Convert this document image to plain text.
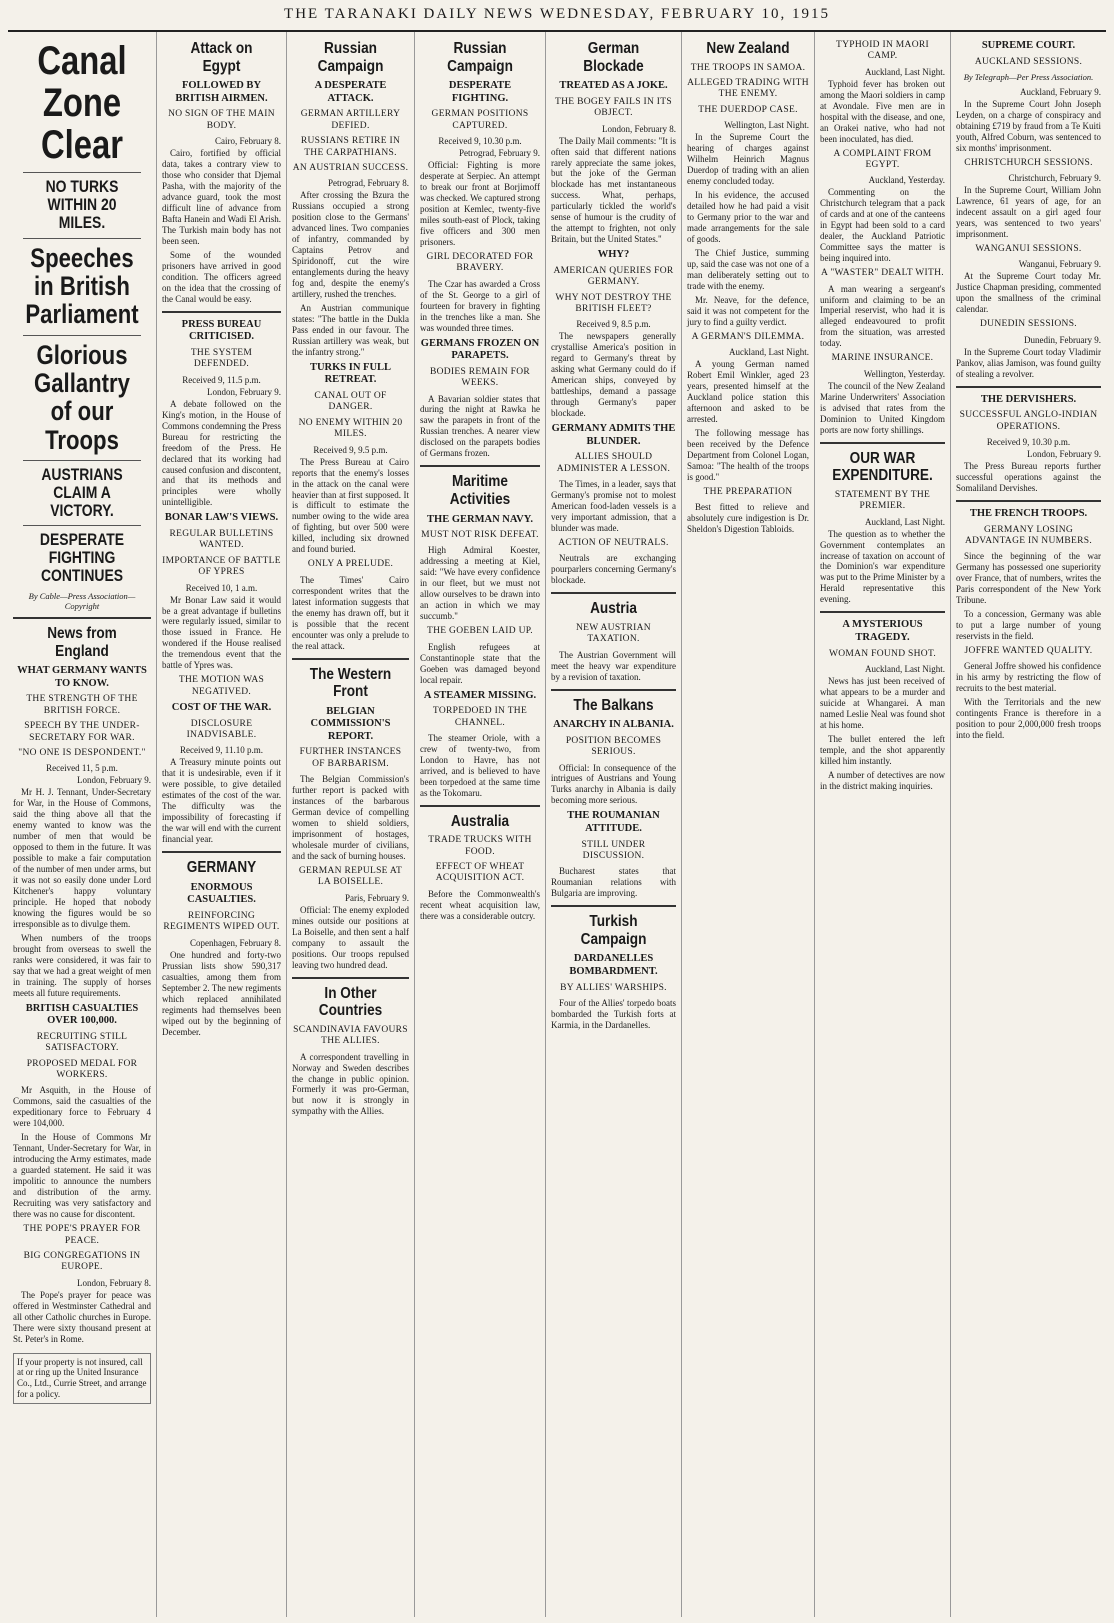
THE TARANAKI DAILY NEWS WEDNESDAY, FEBRUARY 10, 1915
Canal Zone Clear
NO TURKS WITHIN 20 MILES.
Speeches in British Parliament
Glorious Gallantry of our Troops
AUSTRIANS CLAIM A VICTORY.
DESPERATE FIGHTING CONTINUES
By Cable—Press Association—Copyright
News from England
WHAT GERMANY WANTS TO KNOW.
THE STRENGTH OF THE BRITISH FORCE.
SPEECH BY THE UNDER-SECRETARY FOR WAR.
"NO ONE IS DESPONDENT."
Received 11, 5 p.m.
London, February 9.

Mr H. J. Tennant, Under-Secretary for War, in the House of Commons, said the thing above all that the enemy wanted to know was the number of men that would be opposed to them in the future. It was possible to make a fair computation of the number of men under arms, but it was not so easily done under Lord Kitchener's happy voluntary principle. He hoped that nobody knowing the figures would be so irresponsible as to divulge them.

When numbers of the troops brought from overseas to swell the ranks were considered, it was fair to say that we had a great weight of men in training. The supply of horses meets all future requirements.

BRITISH CASUALTIES OVER 100,000.
RECRUITING STILL SATISFACTORY.
PROPOSED MEDAL FOR WORKERS.

Mr Asquith, in the House of Commons, said the casualties of the expeditionary force to February 4 were 104,000.

In the House of Commons Mr Tennant, Under-Secretary for War, in introducing the Army estimates, made a guarded statement. He said it was impolitic to announce the numbers and distribution of the army. Recruiting was very satisfactory and there was no cause for discontent.

THE POPE'S PRAYER FOR PEACE.
BIG CONGREGATIONS IN EUROPE.
London, February 8.

The Pope's prayer for peace was offered in Westminster Cathedral and all other Catholic churches in Europe. There were sixty thousand present at St. Peter's in Rome.

If your property is not insured, call at or ring up the United Insurance Co., Ltd., Currie Street, and arrange for a policy.
Attack on Egypt
FOLLOWED BY BRITISH AIRMEN.
NO SIGN OF THE MAIN BODY.
Cairo, February 8.

Cairo, fortified by official data, takes a contrary view to those who consider that Djemal Pasha, with the majority of the advance guard, took the most difficult line of advance from Bafta Hanein and Wadi El Arish. The Turkish main body has not been seen.

Some of the wounded prisoners have arrived in good condition. The officers agreed on the idea that the crossing of the Canal would be easy.

PRESS BUREAU CRITICISED.
THE SYSTEM DEFENDED.
Received 9, 11.5 p.m.
London, February 9.

A debate followed on the King's motion, in the House of Commons condemning the Press Bureau for restricting the freedom of the Press. He declared that its working had caused confusion and discontent, and that its methods and principles were wholly unintelligible.

BONAR LAW'S VIEWS.
REGULAR BULLETINS WANTED.
IMPORTANCE OF BATTLE OF YPRES
Received 10, 1 a.m.

Mr Bonar Law said it would be a great advantage if bulletins were regularly issued, similar to those issued in France. He wondered if the House realised the tremendous event that the battle of Ypres was.

THE MOTION WAS NEGATIVED.
COST OF THE WAR.
DISCLOSURE INADVISABLE.
Received 9, 11.10 p.m.

A Treasury minute points out that it is undesirable, even if it were possible, to give detailed estimates of the cost of the war. The difficulty was the impossibility of forecasting if the war will end with the current financial year.

GERMANY
ENORMOUS CASUALTIES.
REINFORCING REGIMENTS WIPED OUT.
Copenhagen, February 8.

One hundred and forty-two Prussian lists show 590,317 casualties, among them from September 2. The new regiments which replaced annihilated regiments had themselves been wiped out by the beginning of December.

Russian Campaign
A DESPERATE ATTACK.
GERMAN ARTILLERY DEFIED.
RUSSIANS RETIRE IN THE CARPATHIANS.
AN AUSTRIAN SUCCESS.
Petrograd, February 8.

After crossing the Bzura the Russians occupied a strong position close to the Germans' advanced lines. Two companies of infantry, commanded by Captains Petrov and Spiridonoff, cut the wire entanglements during the heavy fog and, despite the enemy's artillery, rushed the trenches.

An Austrian communique states: "The battle in the Dukla Pass ended in our favour. The Russian artillery was weak, but the infantry strong."

TURKS IN FULL RETREAT.
CANAL OUT OF DANGER.
NO ENEMY WITHIN 20 MILES.
Received 9, 9.5 p.m.

The Press Bureau at Cairo reports that the enemy's losses in the attack on the canal were heavier than at first supposed. It is difficult to estimate the number owing to the wide area of fighting, but over 500 were killed, including six drowned and found buried.

ONLY A PRELUDE.

The Times' Cairo correspondent writes that the latest information suggests that the enemy has drawn off, but it is possible that the recent encounter was only a prelude to the real attack.

The Western Front
BELGIAN COMMISSION'S REPORT.
FURTHER INSTANCES OF BARBARISM.

The Belgian Commission's further report is packed with instances of the barbarous German device of compelling women to shield soldiers, imprisonment of hostages, wholesale murder of civilians, and the sack of burning houses.

GERMAN REPULSE AT LA BOISELLE.
Paris, February 9.

Official: The enemy exploded mines outside our positions at La Boiselle, and then sent a half company to assault the positions. Our troops repulsed leaving two hundred dead.

In Other Countries
SCANDINAVIA FAVOURS THE ALLIES.

A correspondent travelling in Norway and Sweden describes the change in public opinion. Formerly it was pro-German, but now it is strongly in sympathy with the Allies.

Russian Campaign
DESPERATE FIGHTING.
GERMAN POSITIONS CAPTURED.
Received 9, 10.30 p.m.
Petrograd, February 9.

Official: Fighting is more desperate at Serpiec. An attempt to break our front at Borjimoff was checked. We captured strong position at Kemlec, twenty-five miles south-east of Plock, taking five officers and 300 men prisoners.

GIRL DECORATED FOR BRAVERY.

The Czar has awarded a Cross of the St. George to a girl of fourteen for bravery in fighting in the trenches like a man. She was wounded three times.

GERMANS FROZEN ON PARAPETS.
BODIES REMAIN FOR WEEKS.

A Bavarian soldier states that during the night at Rawka he saw the parapets in front of the Russian trenches. A nearer view disclosed on the parapets bodies of Germans frozen.

Maritime Activities
THE GERMAN NAVY.
MUST NOT RISK DEFEAT.

High Admiral Koester, addressing a meeting at Kiel, said: "We have every confidence in our fleet, but we must not allow ourselves to be drawn into an action in which we may succumb."

THE GOEBEN LAID UP.

English refugees at Constantinople state that the Goeben was damaged beyond local repair.

A STEAMER MISSING.
TORPEDOED IN THE CHANNEL.

The steamer Oriole, with a crew of twenty-two, from London to Havre, has not arrived, and is believed to have been torpedoed at the same time as the Tokomaru.

Australia
TRADE TRUCKS WITH FOOD.
EFFECT OF WHEAT ACQUISITION ACT.

Before the Commonwealth's recent wheat acquisition law, there was a considerable outcry.

German Blockade
TREATED AS A JOKE.
THE BOGEY FAILS IN ITS OBJECT.
London, February 8.

The Daily Mail comments: "It is often said that different nations rarely appreciate the same jokes, but the joke of the German blockade has met instantaneous success. What, perhaps, particularly tickled the world's sense of humour is the crudity of the attempt to frighten, not only Britain, but the United States."

WHY?
AMERICAN QUERIES FOR GERMANY.
WHY NOT DESTROY THE BRITISH FLEET?
Received 9, 8.5 p.m.

The newspapers generally crystallise America's position in regard to Germany's threat by asking what Germany could do if American ships, conveyed by battleships, demand a passage through Germany's paper blockade.

GERMANY ADMITS THE BLUNDER.
ALLIES SHOULD ADMINISTER A LESSON.

The Times, in a leader, says that Germany's promise not to molest American food-laden vessels is a very important admission, that a blunder was made.

ACTION OF NEUTRALS.

Neutrals are exchanging pourparlers concerning Germany's blockade.

Austria
NEW AUSTRIAN TAXATION.

The Austrian Government will meet the heavy war expenditure by a revision of taxation.

The Balkans
ANARCHY IN ALBANIA.
POSITION BECOMES SERIOUS.

Official: In consequence of the intrigues of Austrians and Young Turks anarchy in Albania is daily becoming more serious.

THE ROUMANIAN ATTITUDE.
STILL UNDER DISCUSSION.

Bucharest states that Roumanian relations with Bulgaria are improving.

Turkish Campaign
DARDANELLES BOMBARDMENT.
BY ALLIES' WARSHIPS.

Four of the Allies' torpedo boats bombarded the Turkish forts at Karmia, in the Dardanelles.

New Zealand
THE TROOPS IN SAMOA.
ALLEGED TRADING WITH THE ENEMY.
THE DUERDOP CASE.
Wellington, Last Night.

In the Supreme Court the hearing of charges against Wilhelm Heinrich Magnus Duerdop of trading with an alien enemy concluded today.

In his evidence, the accused detailed how he had paid a visit to Germany prior to the war and made arrangements for the sale of goods.

The Chief Justice, summing up, said the case was not one of a man deliberately setting out to trade with the enemy.

Mr. Neave, for the defence, said it was not competent for the jury to find a guilty verdict.

A GERMAN'S DILEMMA.
Auckland, Last Night.

A young German named Robert Emil Winkler, aged 23 years, presented himself at the Auckland police station this afternoon and asked to be arrested.

The following message has been received by the Defence Department from Colonel Logan, Samoa: "The health of the troops is good."

THE PREPARATION

Best fitted to relieve and absolutely cure indigestion is Dr. Sheldon's Digestion Tabloids.

TYPHOID IN MAORI CAMP.
Auckland, Last Night.

Typhoid fever has broken out among the Maori soldiers in camp at Avondale. Five men are in hospital with the disease, and one, an Orakei native, who had not been inoculated, has died.

A COMPLAINT FROM EGYPT.
Auckland, Yesterday.

Commenting on the Christchurch telegram that a pack of cards and at one of the canteens in Egypt had been sold to a card dealer, the Auckland Patriotic Committee says the matter is being inquired into.

A "WASTER" DEALT WITH.

A man wearing a sergeant's uniform and claiming to be an Imperial reservist, who had it is alleged endeavoured to profit from the situation, was arrested today.

MARINE INSURANCE.
Wellington, Yesterday.

The council of the New Zealand Marine Underwriters' Association is advised that rates from the Dominion to United Kingdom ports are now forty shillings.

OUR WAR EXPENDITURE.
STATEMENT BY THE PREMIER.
Auckland, Last Night.

The question as to whether the Government contemplates an increase of taxation on account of the Dominion's war expenditure was put to the Prime Minister by a Herald representative this evening.

A MYSTERIOUS TRAGEDY.
WOMAN FOUND SHOT.
Auckland, Last Night.

News has just been received of what appears to be a murder and suicide at Whangarei. A man named Leslie Neal was found shot at his home.

The bullet entered the left temple, and the shot apparently killed him instantly.

A number of detectives are now in the district making inquiries.

SUPREME COURT.
AUCKLAND SESSIONS.
By Telegraph—Per Press Association.
Auckland, February 9.

In the Supreme Court John Joseph Leyden, on a charge of conspiracy and obtaining £719 by fraud from a Te Kuiti youth, Alfred Coburn, was sentenced to six months' imprisonment.

CHRISTCHURCH SESSIONS.
Christchurch, February 9.

In the Supreme Court, William John Lawrence, 61 years of age, for an indecent assault on a girl aged four years, was sentenced to two years' imprisonment.

WANGANUI SESSIONS.
Wanganui, February 9.

At the Supreme Court today Mr. Justice Chapman presiding, commented upon the smallness of the criminal calendar.

DUNEDIN SESSIONS.
Dunedin, February 9.

In the Supreme Court today Vladimir Pankov, alias Jamison, was found guilty of stealing a revolver.

THE DERVISHERS.
SUCCESSFUL ANGLO-INDIAN OPERATIONS.
Received 9, 10.30 p.m.
London, February 9.

The Press Bureau reports further successful operations against the Somaliland Dervishes.

THE FRENCH TROOPS.
GERMANY LOSING ADVANTAGE IN NUMBERS.

Since the beginning of the war Germany has possessed one superiority over France, that of numbers, writes the Paris correspondent of the New York Tribune.

To a concession, Germany was able to put a large number of young reservists in the field.

JOFFRE WANTED QUALITY.

General Joffre showed his confidence in his army by restricting the flow of recruits to the best material.

With the Territorials and the new contingents France is therefore in a position to pour 2,000,000 fresh troops into the field.
